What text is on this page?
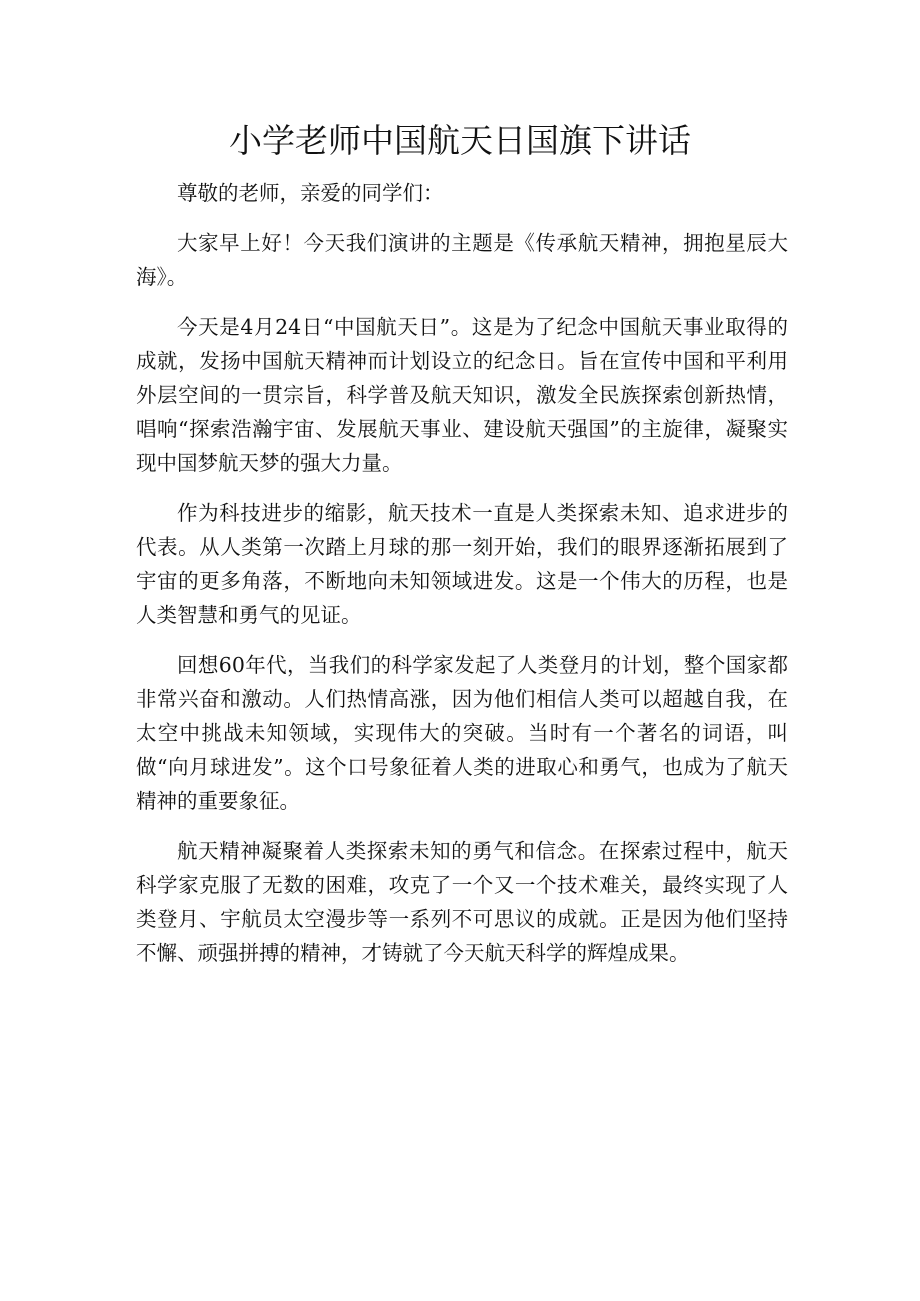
小学老师中国航天日国旗下讲话

尊敬的老师，亲爱的同学们：

大家早上好！今天我们演讲的主题是《传承航天精神，拥抱星辰大海》。

今天是4月24日“中国航天日”。这是为了纪念中国航天事业取得的成就，发扬中国航天精神而计划设立的纪念日。旨在宣传中国和平利用外层空间的一贯宗旨，科学普及航天知识，激发全民族探索创新热情，唱响“探索浩瀚宇宙、发展航天事业、建设航天强国”的主旋律，凝聚实现中国梦航天梦的强大力量。

作为科技进步的缩影，航天技术一直是人类探索未知、追求进步的代表。从人类第一次踏上月球的那一刻开始，我们的眼界逐渐拓展到了宇宙的更多角落，不断地向未知领域进发。这是一个伟大的历程，也是人类智慧和勇气的见证。

回想60年代，当我们的科学家发起了人类登月的计划，整个国家都非常兴奋和激动。人们热情高涨，因为他们相信人类可以超越自我，在太空中挑战未知领域，实现伟大的突破。当时有一个著名的词语，叫做“向月球进发”。这个口号象征着人类的进取心和勇气，也成为了航天精神的重要象征。

航天精神凝聚着人类探索未知的勇气和信念。在探索过程中，航天科学家克服了无数的困难，攻克了一个又一个技术难关，最终实现了人类登月、宇航员太空漫步等一系列不可思议的成就。正是因为他们坚持不懈、顽强拼搏的精神，才铸就了今天航天科学的辉煌成果。
